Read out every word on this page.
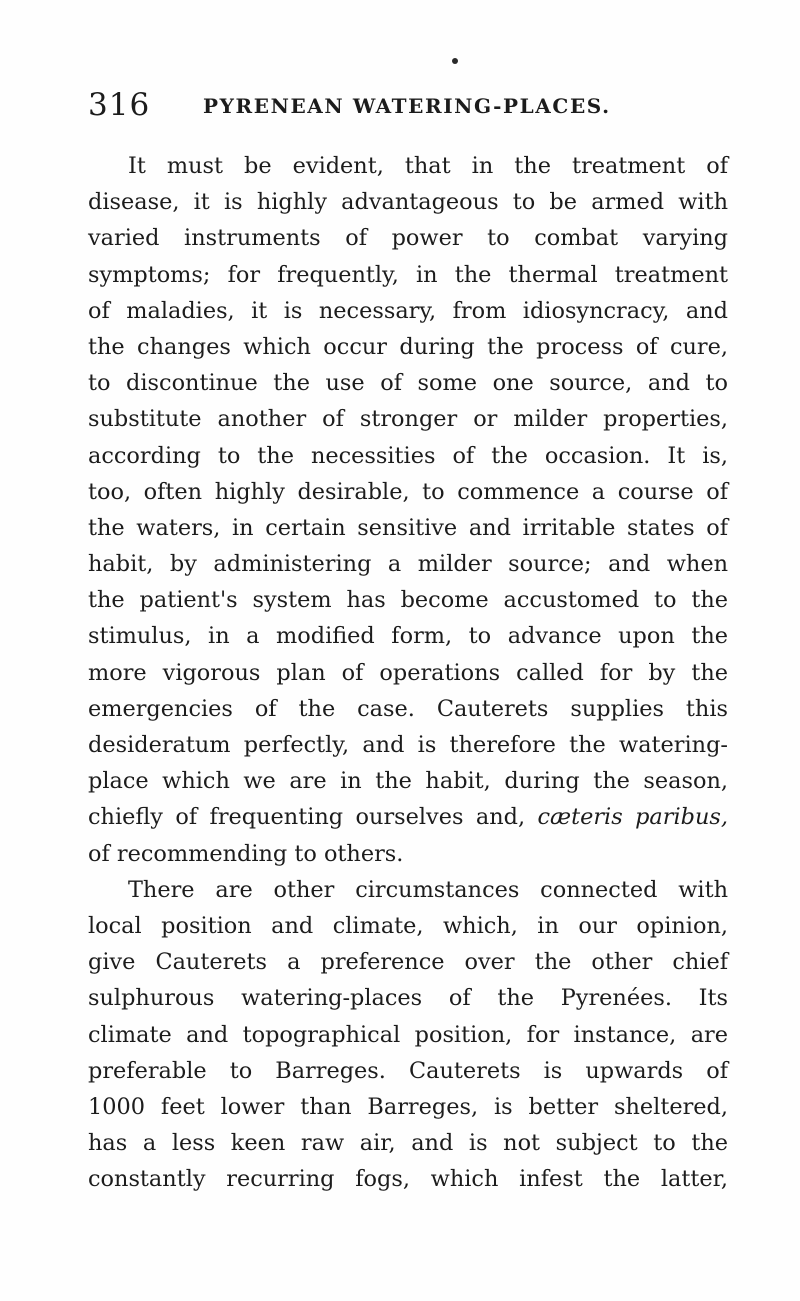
316	PYRENEAN WATERING-PLACES.
It must be evident, that in the treatment of
disease, it is highly advantageous to be armed with
varied instruments of power to combat varying
symptoms; for frequently, in the thermal treatment
of maladies, it is necessary, from idiosyncracy, and
the changes which occur during the process of cure,
to discontinue the use of some one source, and to
substitute another of stronger or milder properties,
according to the necessities of the occasion. It is,
too, often highly desirable, to commence a course of
the waters, in certain sensitive and irritable states of
habit, by administering a milder source; and when
the patient's system has become accustomed to the
stimulus, in a modified form, to advance upon the
more vigorous plan of operations called for by the
emergencies of the case. Cauterets supplies this
desideratum perfectly, and is therefore the watering-
place which we are in the habit, during the season,
chiefly of frequenting ourselves and, cæteris paribus,
of recommending to others.
There are other circumstances connected with
local position and climate, which, in our opinion,
give Cauterets a preference over the other chief
sulphurous watering-places of the Pyrenées. Its
climate and topographical position, for instance, are
preferable to Barreges. Cauterets is upwards of
1000 feet lower than Barreges, is better sheltered,
has a less keen raw air, and is not subject to the
constantly recurring fogs, which infest the latter,
